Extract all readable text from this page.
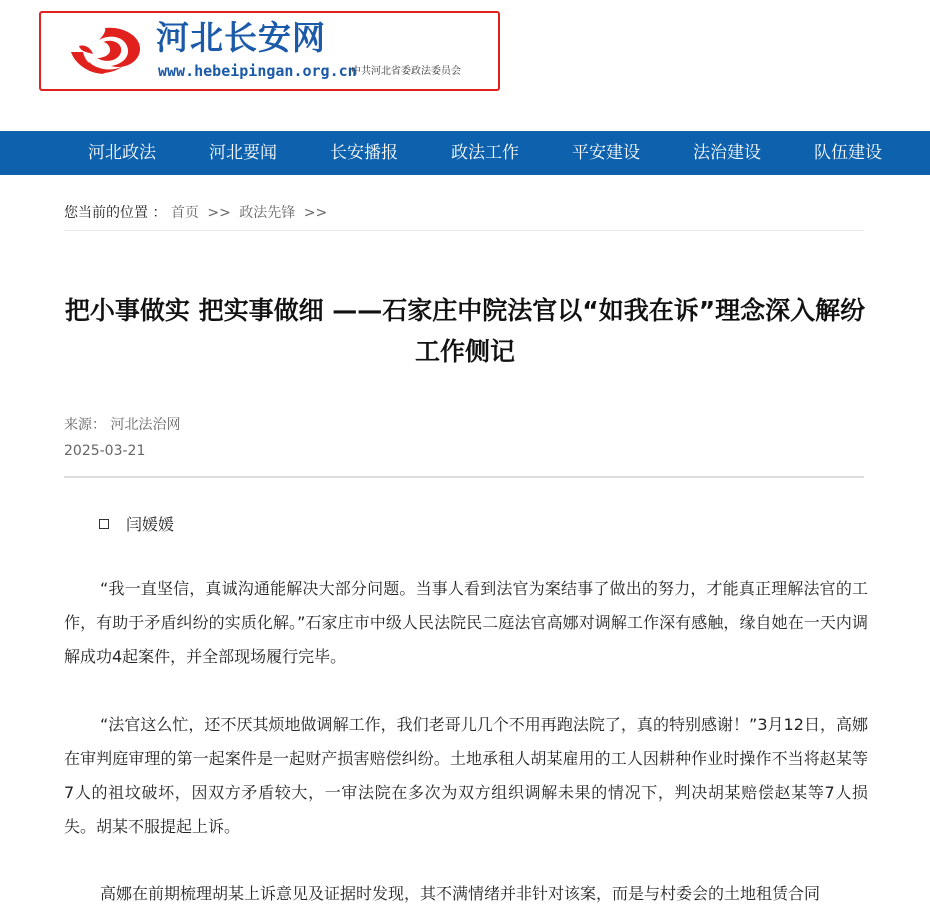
河北长安网
www.hebeipingan.org.cn
中共河北省委政法委员会
河北政法	河北要闻	长安播报	政法工作	平安建设	法治建设	队伍建设
您当前的位置 ： 首页 >> 政法先锋 >>
把小事做实 把实事做细 ——石家庄中院法官以“如我在诉”理念深入解纷工作侧记
来源： 河北法治网
2025-03-21
闫媛媛

“我一直坚信，真诚沟通能解决大部分问题。当事人看到法官为案结事了做出的努力，才能真正理解法官的工作，有助于矛盾纠纷的实质化解。”石家庄市中级人民法院民二庭法官高娜对调解工作深有感触，缘自她在一天内调解成功4起案件，并全部现场履行完毕。

“法官这么忙，还不厌其烦地做调解工作，我们老哥儿几个不用再跑法院了，真的特别感谢！”3月12日，高娜在审判庭审理的第一起案件是一起财产损害赔偿纠纷。土地承租人胡某雇用的工人因耕种作业时操作不当将赵某等7人的祖坟破坏，因双方矛盾较大，一审法院在多次为双方组织调解未果的情况下，判决胡某赔偿赵某等7人损失。胡某不服提起上诉。

高娜在前期梳理胡某上诉意见及证据时发现，其不满情绪并非针对该案，而是与村委会的土地租赁合同
